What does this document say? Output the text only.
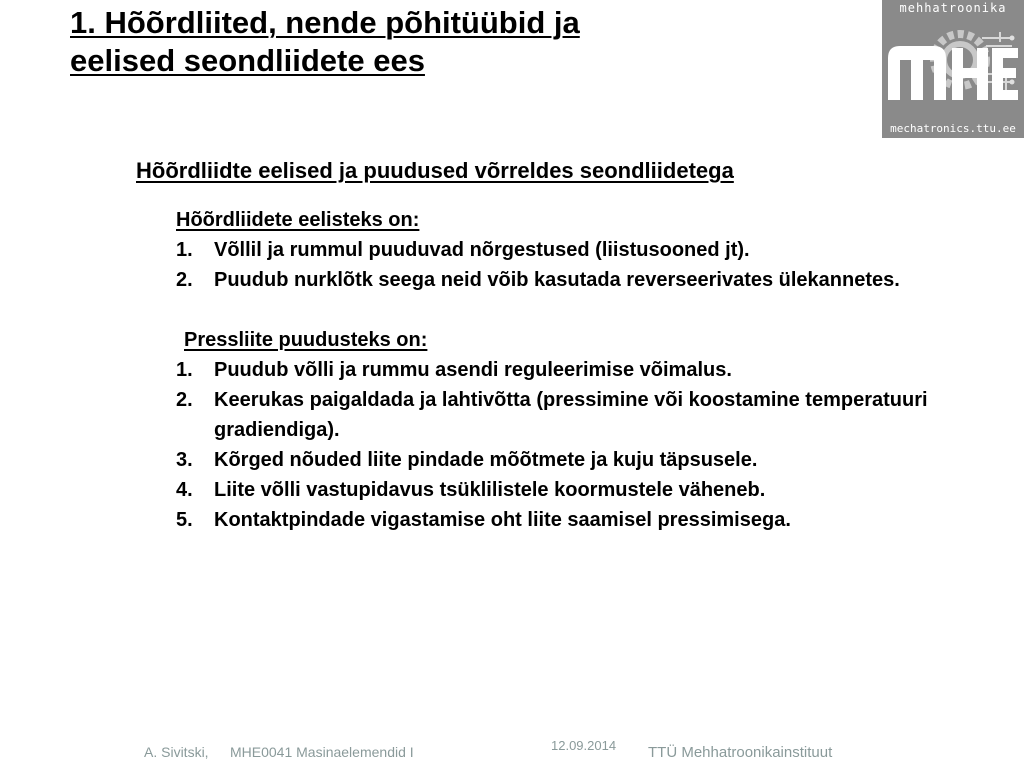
1. Hõõrdliited, nende põhitüübid ja
eelised seondliidete ees
mehhatroonika
mechatronics.ttu.ee
Hõõrdliidte eelised ja puudused võrreldes seondliidetega
Hõõrdliidete eelisteks on:
1. Võllil ja rummul puuduvad nõrgestused (liistusooned jt).
2. Puudub nurklõtk seega neid võib kasutada reverseerivates ülekannetes.
Pressliite puudusteks on:
1. Puudub võlli ja rummu asendi reguleerimise võimalus.
2. Keerukas paigaldada ja lahtivõtta (pressimine või koostamine temperatuuri gradiendiga).
3. Kõrged nõuded liite pindade mõõtmete ja kuju täpsusele.
4. Liite võlli vastupidavus tsüklilistele koormustele väheneb.
5. Kontaktpindade vigastamise oht liite saamisel pressimisega.
A. Sivitski, MHE0041 Masinaelemendid I	12.09.2014 TTÜ Mehhatroonikainstituut
